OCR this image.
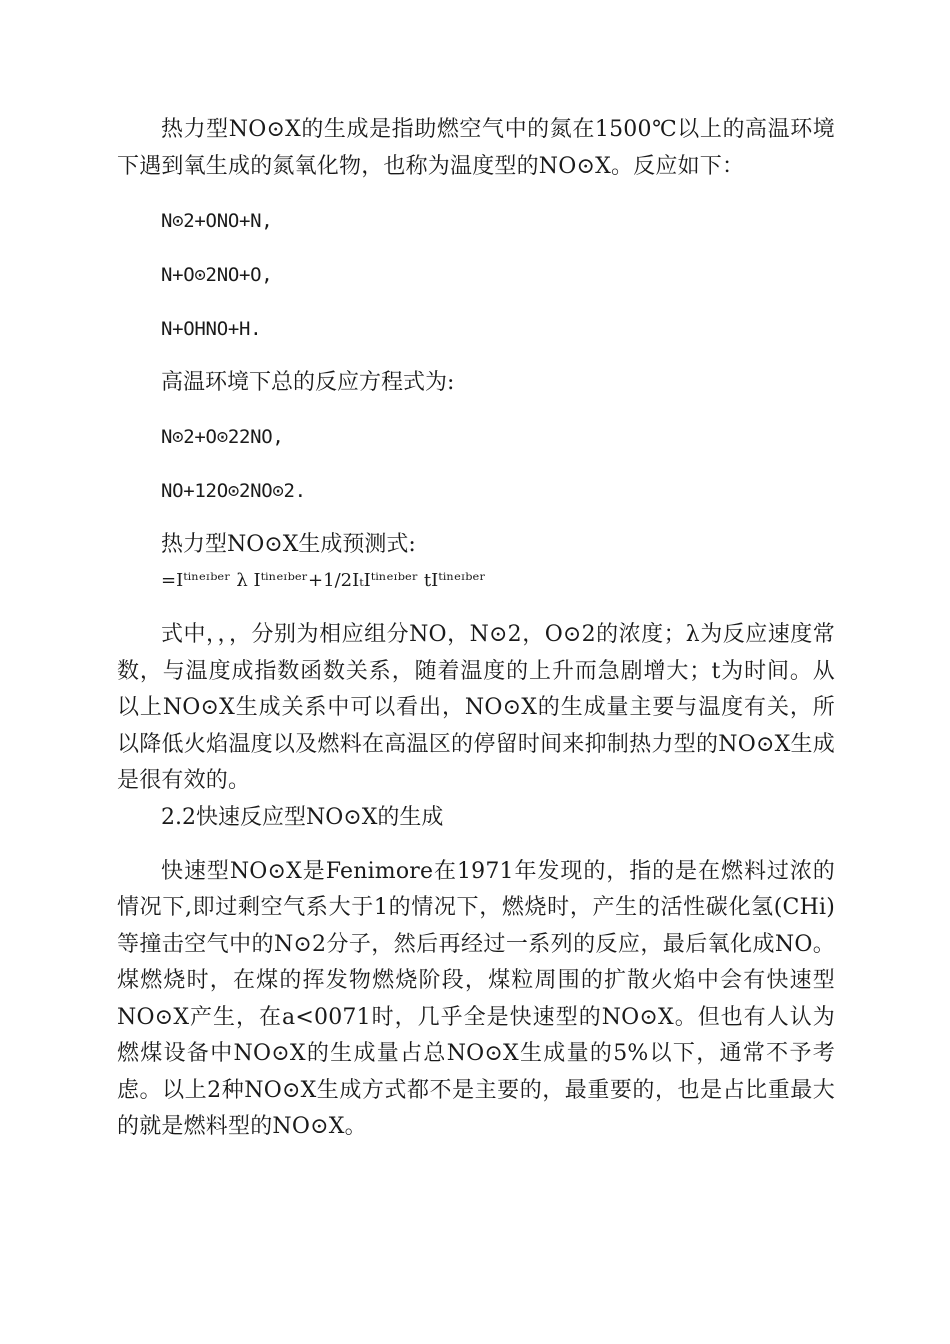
热力型NO⊙X的生成是指助燃空气中的氮在1500℃以上的高温环境下遇到氧生成的氮氧化物，也称为温度型的NO⊙X。反应如下：

N⊙2+ONO+N,

N+O⊙2NO+O,

N+OHNO+H.

高温环境下总的反应方程式为:

N⊙2+O⊙22NO,

NO+12O⊙2NO⊙2.

热力型NO⊙X生成预测式:

=Iᵗⁱⁿᵉᶦᵇᵉʳ λ Iᵗⁱⁿᵉᶦᵇᵉʳ+1/2IₜIᵗⁱⁿᵉᶦᵇᵉʳ tIᵗⁱⁿᵉᶦᵇᵉʳ

式中，，，分别为相应组分NO，N⊙2，O⊙2的浓度；λ为反应速度常数，与温度成指数函数关系，随着温度的上升而急剧增大；t为时间。从以上NO⊙X生成关系中可以看出，NO⊙X的生成量主要与温度有关，所以降低火焰温度以及燃料在高温区的停留时间来抑制热力型的NO⊙X生成是很有效的。

2.2快速反应型NO⊙X的生成

快速型NO⊙X是Fenimore在1971年发现的，指的是在燃料过浓的情况下,即过剩空气系大于1的情况下，燃烧时，产生的活性碳化氢(CHi)等撞击空气中的N⊙2分子，然后再经过一系列的反应，最后氧化成NO。煤燃烧时，在煤的挥发物燃烧阶段，煤粒周围的扩散火焰中会有快速型NO⊙X产生，在a<0071时，几乎全是快速型的NO⊙X。但也有人认为燃煤设备中NO⊙X的生成量占总NO⊙X生成量的5%以下，通常不予考虑。以上2种NO⊙X生成方式都不是主要的，最重要的，也是占比重最大的就是燃料型的NO⊙X。
